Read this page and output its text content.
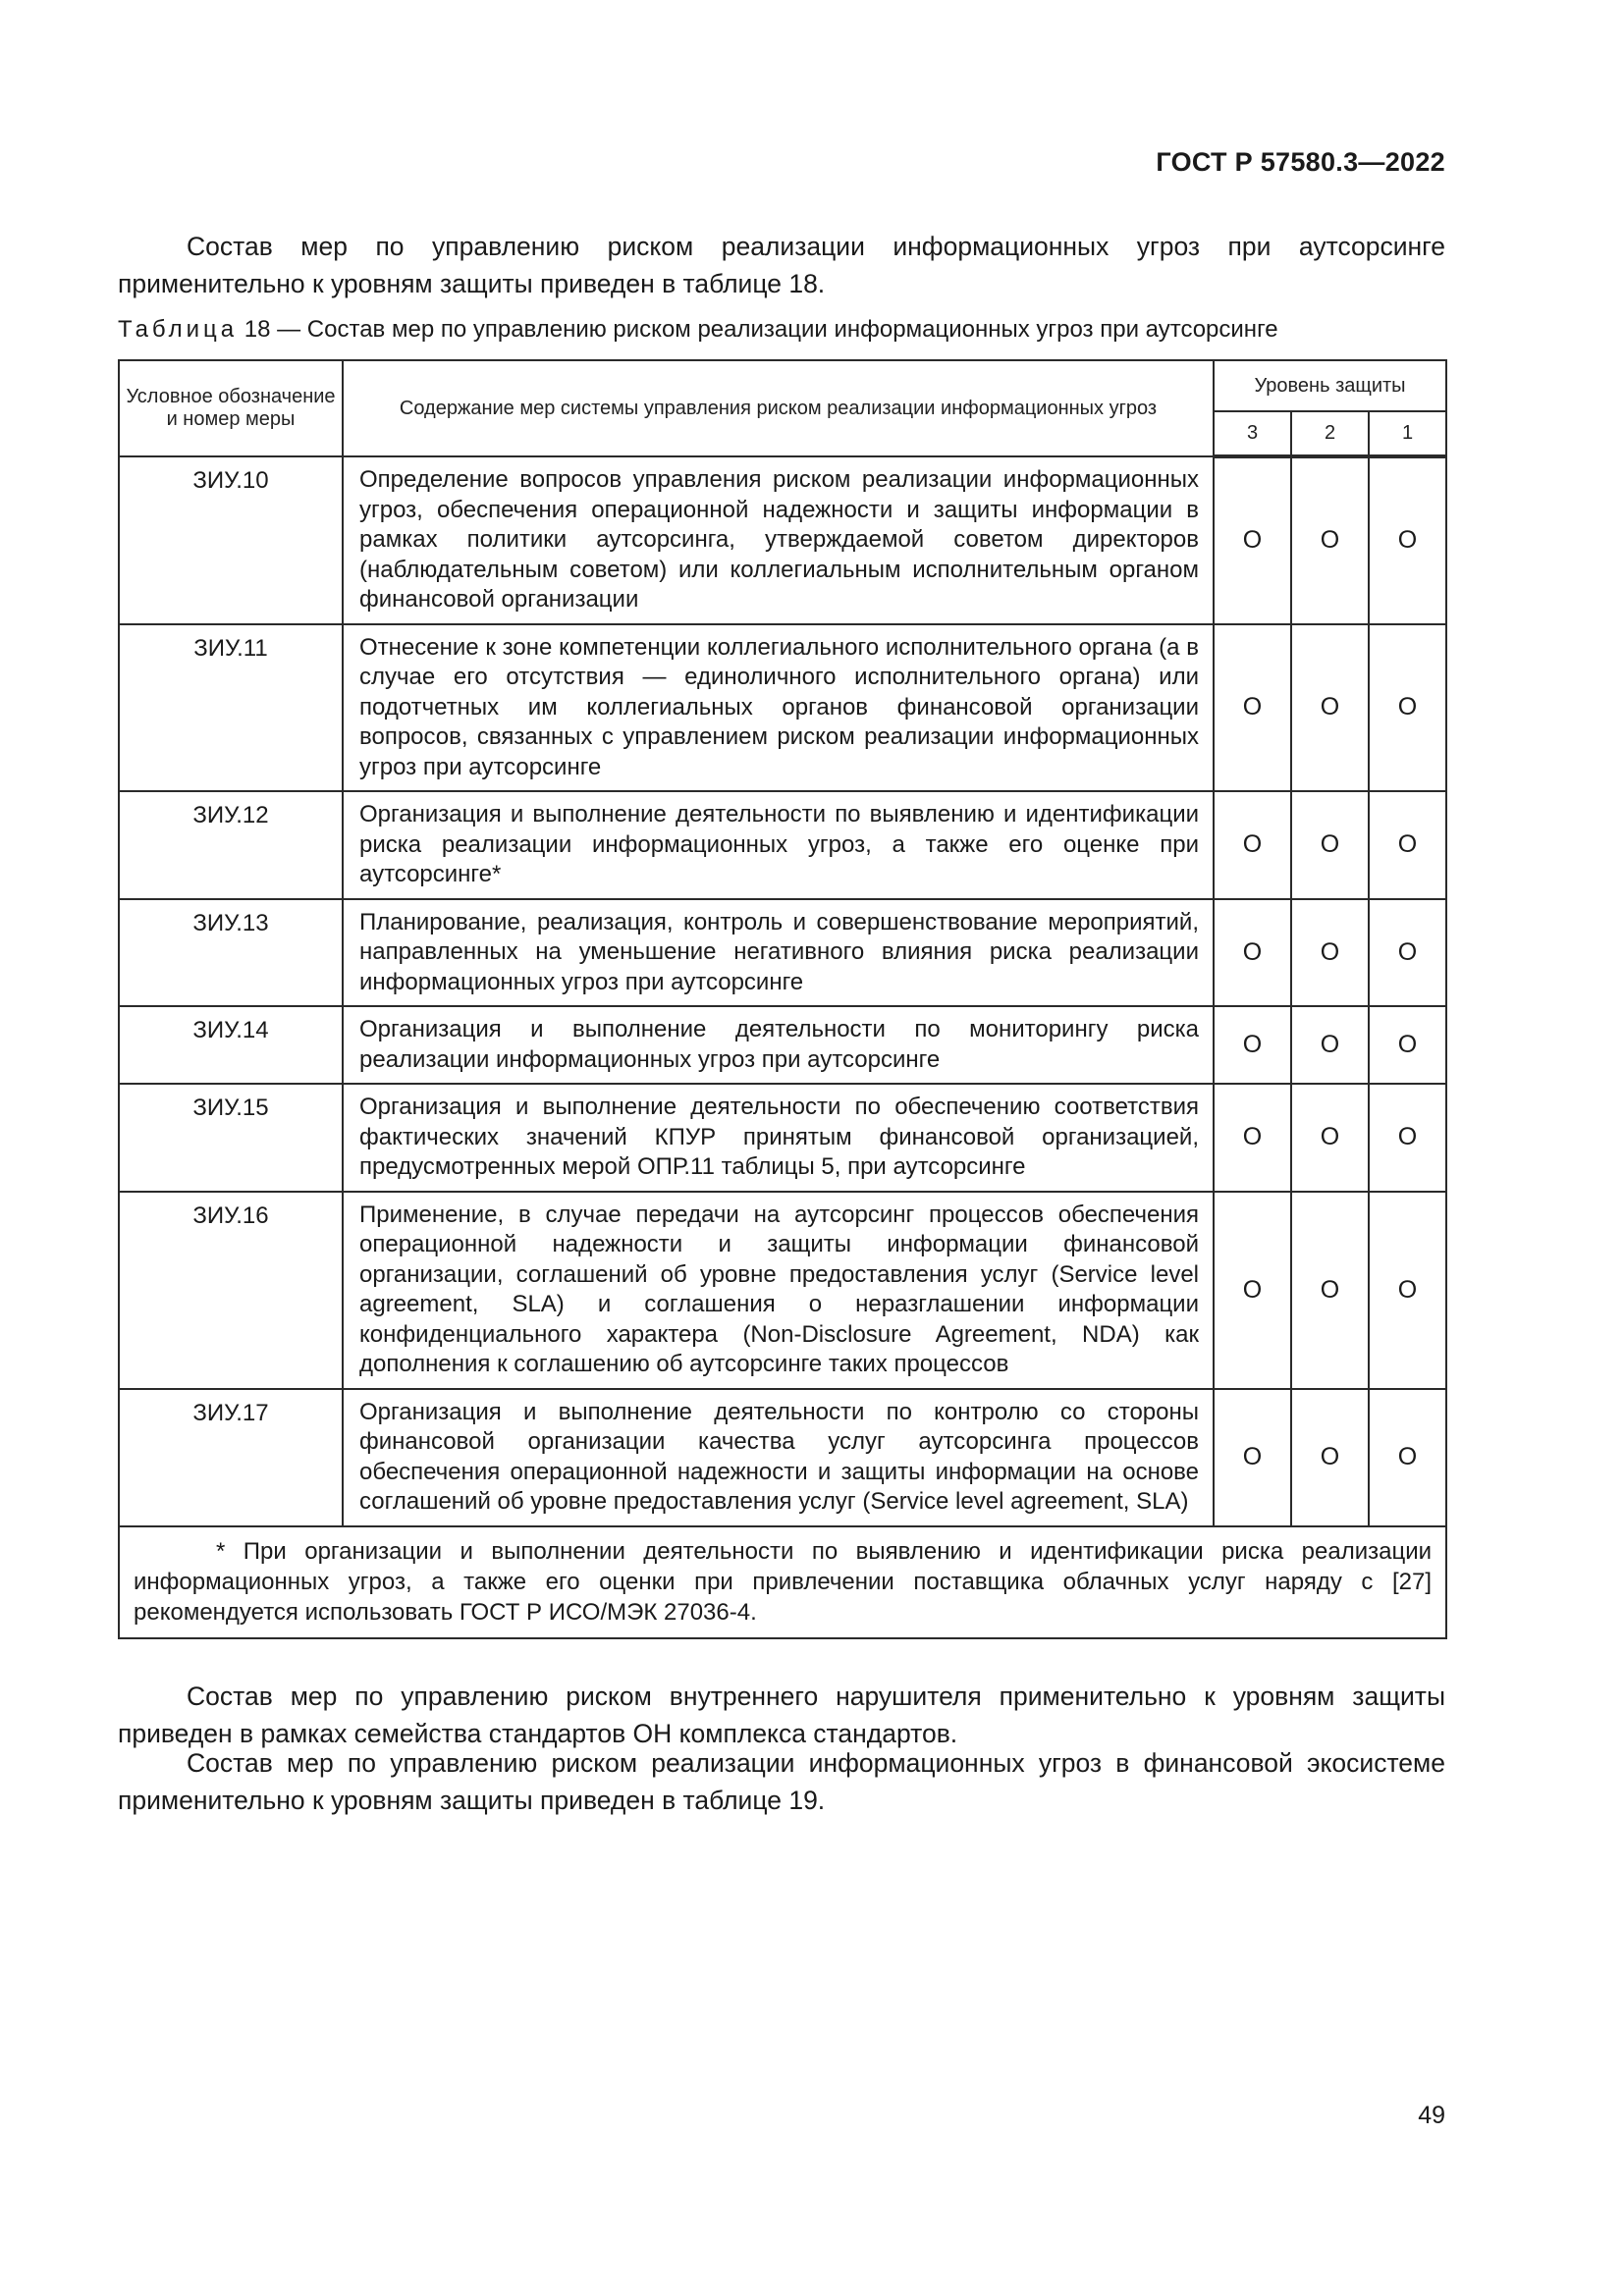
ГОСТ Р 57580.3—2022

Состав мер по управлению риском реализации информационных угроз при аутсорсинге применительно к уровням защиты приведен в таблице 18.

Таблица 18 — Состав мер по управлению риском реализации информационных угроз при аутсорсинге
Условное обозначение и номер меры	Содержание мер системы управления риском реализации информационных угроз	Уровень защиты		
		3	2	1
ЗИУ.10	Определение вопросов управления риском реализации информационных угроз, обеспечения операционной надежности и защиты информации в рамках политики аутсорсинга, утверждаемой советом директоров (наблюдательным советом) или коллегиальным исполнительным органом финансовой организации	О	О	О
ЗИУ.11	Отнесение к зоне компетенции коллегиального исполнительного органа (а в случае его отсутствия — единоличного исполнительного органа) или подотчетных им коллегиальных органов финансовой организации вопросов, связанных с управлением риском реализации информационных угроз при аутсорсинге	О	О	О
ЗИУ.12	Организация и выполнение деятельности по выявлению и идентификации риска реализации информационных угроз, а также его оценке при аутсорсинге*	О	О	О
ЗИУ.13	Планирование, реализация, контроль и совершенствование мероприятий, направленных на уменьшение негативного влияния риска реализации информационных угроз при аутсорсинге	О	О	О
ЗИУ.14	Организация и выполнение деятельности по мониторингу риска реализации информационных угроз при аутсорсинге	О	О	О
ЗИУ.15	Организация и выполнение деятельности по обеспечению соответствия фактических значений КПУР принятым финансовой организацией, предусмотренных мерой ОПР.11 таблицы 5, при аутсорсинге	О	О	О
ЗИУ.16	Применение, в случае передачи на аутсорсинг процессов обеспечения операционной надежности и защиты информации финансовой организации, соглашений об уровне предоставления услуг (Service level agreement, SLA) и соглашения о неразглашении информации конфиденциального характера (Non-Disclosure Agreement, NDA) как дополнения к соглашению об аутсорсинге таких процессов	О	О	О
ЗИУ.17	Организация и выполнение деятельности по контролю со стороны финансовой организации качества услуг аутсорсинга процессов обеспечения операционной надежности и защиты информации на основе соглашений об уровне предоставления услуг (Service level agreement, SLA)	О	О	О
* При организации и выполнении деятельности по выявлению и идентификации риска реализации информационных угроз, а также его оценки при привлечении поставщика облачных услуг наряду с [27] рекомендуется использовать ГОСТ Р ИСО/МЭК 27036-4.				

Состав мер по управлению риском внутреннего нарушителя применительно к уровням защиты приведен в рамках семейства стандартов ОН комплекса стандартов.

Состав мер по управлению риском реализации информационных угроз в финансовой экосистеме применительно к уровням защиты приведен в таблице 19.

49
